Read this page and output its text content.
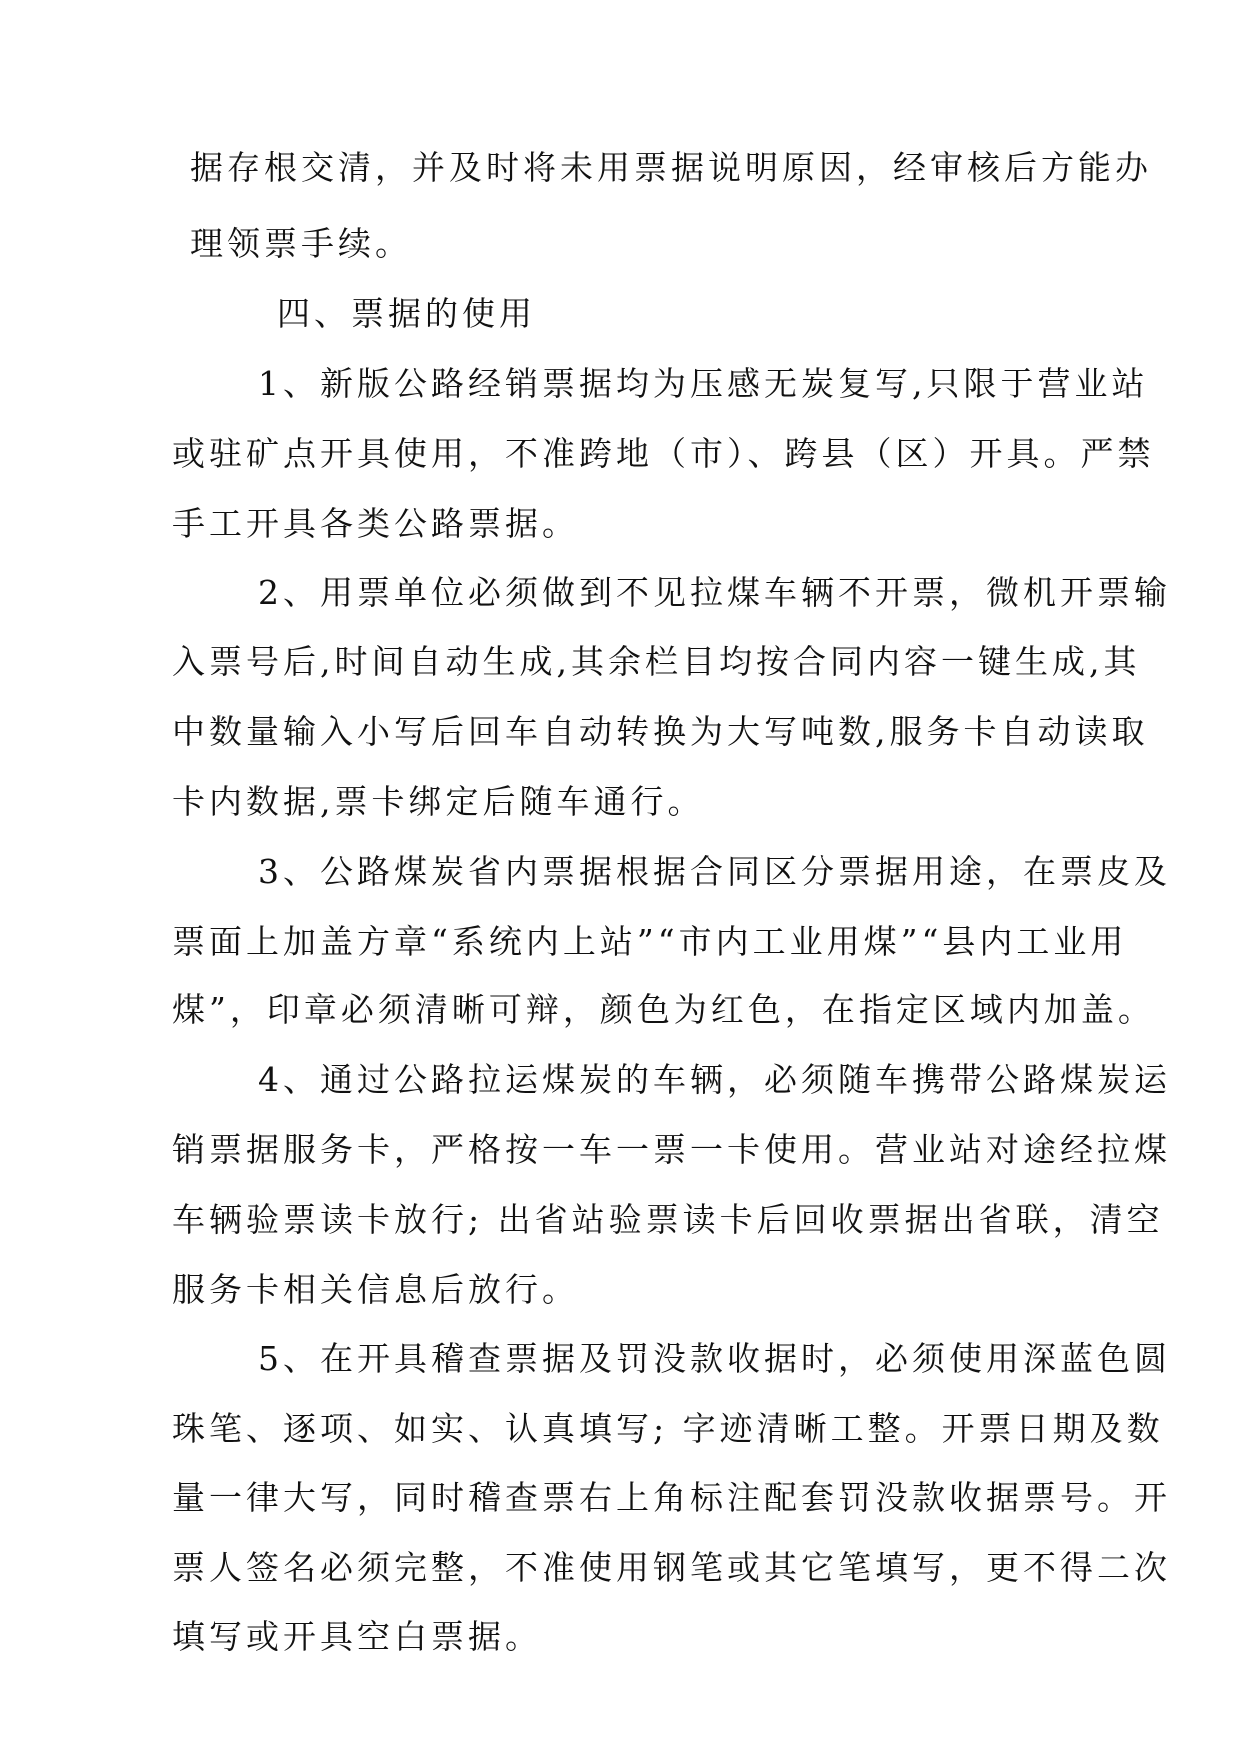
据存根交清，并及时将未用票据说明原因，经审核后方能办
理领票手续。
四、票据的使用
1、新版公路经销票据均为压感无炭复写,只限于营业站
或驻矿点开具使用，不准跨地（市）、跨县（区）开具。严禁
手工开具各类公路票据。
2、用票单位必须做到不见拉煤车辆不开票，微机开票输
入票号后,时间自动生成,其余栏目均按合同内容一键生成,其
中数量输入小写后回车自动转换为大写吨数,服务卡自动读取
卡内数据,票卡绑定后随车通行。
3、公路煤炭省内票据根据合同区分票据用途，在票皮及
票面上加盖方章“系统内上站”“市内工业用煤”“县内工业用
煤”，印章必须清晰可辩，颜色为红色，在指定区域内加盖。
4、通过公路拉运煤炭的车辆，必须随车携带公路煤炭运
销票据服务卡，严格按一车一票一卡使用。营业站对途经拉煤
车辆验票读卡放行; 出省站验票读卡后回收票据出省联，清空
服务卡相关信息后放行。
5、在开具稽查票据及罚没款收据时，必须使用深蓝色圆
珠笔、逐项、如实、认真填写; 字迹清晰工整。开票日期及数
量一律大写，同时稽查票右上角标注配套罚没款收据票号。开
票人签名必须完整，不准使用钢笔或其它笔填写，更不得二次
填写或开具空白票据。
